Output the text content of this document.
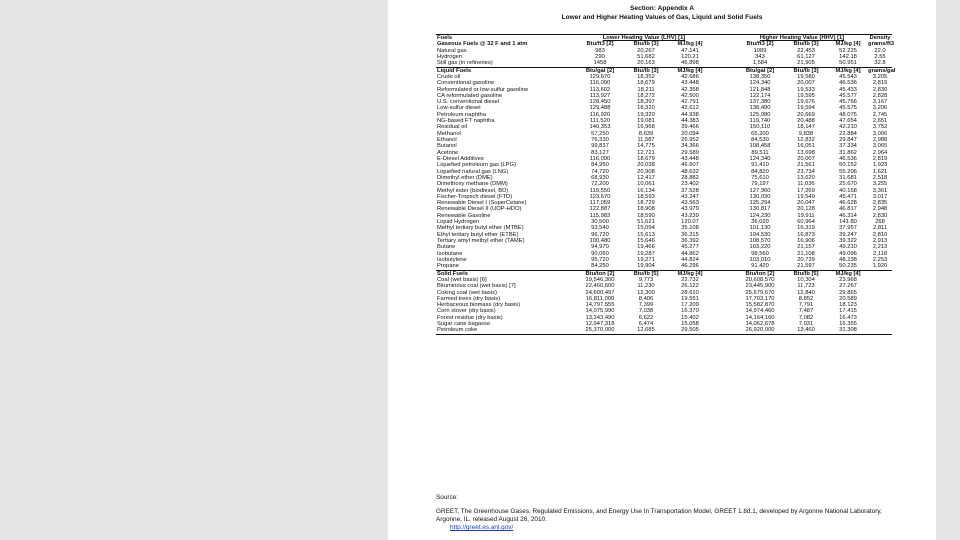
Section: Appendix A
Lower and Higher Heating Values of Gas, Liquid and Solid Fuels
Fuels	Lower Heating Value (LHV) [1]				Higher Heating Value (HHV) [1]			Density
Gaseous Fuels @ 32 F and 1 atm	Btu/ft3 [2]	Btu/lb [3]	MJ/kg [4]		Btu/ft3 [2]	Btu/lb [3]	MJ/kg [4]	grams/ft3
Natural gas	983	20,267	47.141		1089	22,453	52.225	22.0
Hydrogen	290	51,682	120.21		343	61,127	142.18	2.55
Still gas (in refineries)	1458	20,163	46.898		1,584	21,905	50.951	32.8
Liquid Fuels	Btu/gal [2]	Btu/lb [3]	MJ/kg [4]		Btu/gal [2]	Btu/lb [3]	MJ/kg [4]	grams/gal
Crude oil	129,670	18,352	42.686		138,350	19,580	45.543	3,205
Conventional gasoline	116,090	18,679	43.448		124,340	20,007	46.536	2,819
Reformulated or low-sulfur gasoline	113,602	18,211	42.358		121,848	19,533	45.433	2,830
CA reformulated gasoline	113,927	18,272	42.500		122,174	19,595	45.577	2,828
U.S. conventional diesel	128,450	18,397	42.791		137,380	19,676	45.766	3,167
Low-sulfur diesel	129,488	18,320	42.612		138,490	19,594	45.575	3,206
Petroleum naphtha	116,920	19,320	44.938		125,080	20,669	48.075	2,745
NG-based FT naphtha	111,520	19,081	44.383		119,740	20,488	47.654	2,651
Residual oil	140,353	16,968	39.466		150,110	18,147	42.210	3,752
Methanol	57,250	8,639	20.094		65,200	9,838	22.884	3,006
Ethanol	76,330	11,587	26.952		84,530	12,832	29.847	2,988
Butanol	99,837	14,775	34.366		108,458	16,051	37.334	3,065
Acetone	83,127	12,721	29.589		89,511	13,698	31.862	2,964
E-Diesel Additives	116,090	18,679	43.448		124,340	20,007	46.536	2,819
Liquefied petroleum gas (LPG)	84,950	20,038	46.607		91,410	21,561	50.152	1,923
Liquefied natural gas (LNG)	74,720	20,908	48.632		84,820	23,734	55.206	1,621
Dimethyl ether (DME)	68,930	12,417	28.882		75,610	13,620	31.681	2,518
Dimethoxy methane (DMM)	72,200	10,061	23.402		79,197	11,036	25.670	3,255
Methyl ester (biodiesel, BD)	119,550	16,134	37.528		127,960	17,269	40.168	3,361
Fischer-Tropsch diesel (FTD)	123,670	18,593	43.247		130,030	19,549	45.471	3,017
Renewable Diesel I (SuperCetane)	117,059	18,729	43.563		125,294	20,047	46.628	2,835
Renewable Diesel II (UOP-HDO)	122,887	18,908	43.979		130,817	20,128	46.817	2,948
Renewable Gasoline	115,983	18,590	43.239		124,230	19,911	46.314	2,830
Liquid Hydrogen	30,500	51,621	120.07		36,020	60,964	141.80	268
Methyl tertiary butyl ether (MTBE)	93,540	15,094	35.108		101,130	16,319	37.957	2,811
Ethyl tertiary butyl ether (ETBE)	96,720	15,613	36.315		104,530	16,873	39.247	2,810
Tertiary amyl methyl ether (TAME)	100,480	15,646	36.392		108,570	16,906	39.322	2,913
Butane	94,970	19,466	45.277		103,220	21,157	49.210	2,213
Isobutane	90,060	19,287	44.862		98,560	21,108	49.096	2,118
Isobutylene	95,720	19,271	44.824		103,010	20,739	48.238	2,253
Propane	84,250	19,904	46.296		91,420	21,597	50.235	1,920
Solid Fuels	Btu/ton [2]	Btu/lb [5]	MJ/kg [4]		Btu/ton [2]	Btu/lb [5]	MJ/kg [4]	
Coal (wet basis) [6]	19,546,300	9,773	22.732		20,608,570	10,304	23.968	
Bituminous coal (wet basis) [7]	22,460,600	11,230	26.122		23,445,900	11,723	27.267	
Coking coal (wet basis)	24,600,497	12,300	28.610		25,679,670	12,840	29.865	
Farmed trees (dry basis)	16,811,000	8,406	19.551		17,703,170	8,852	20.589	
Herbaceous biomass (dry basis)	14,797,555	7,399	17.209		15,582,870	7,791	18.123	
Corn stover (dry basis)	14,075,990	7,038	16.370		14,974,460	7,487	17.415	
Forest residue (dry basis)	13,243,490	6,622	15.402		14,164,160	7,082	16.473	
Sugar cane bagasse	12,947,318	6,474	15.058		14,062,678	7,031	16.355	
Petroleum coke	25,370,000	12,685	29.505		26,920,000	13,460	31.308	

Source:

GREET, The Greenhouse Gases, Regulated Emissions, and Energy Use In Transportation Model, GREET 1.8d.1, developed by Argonne National Laboratory, Argonne, IL, released August 26, 2010.

http://greet.es.anl.gov/
